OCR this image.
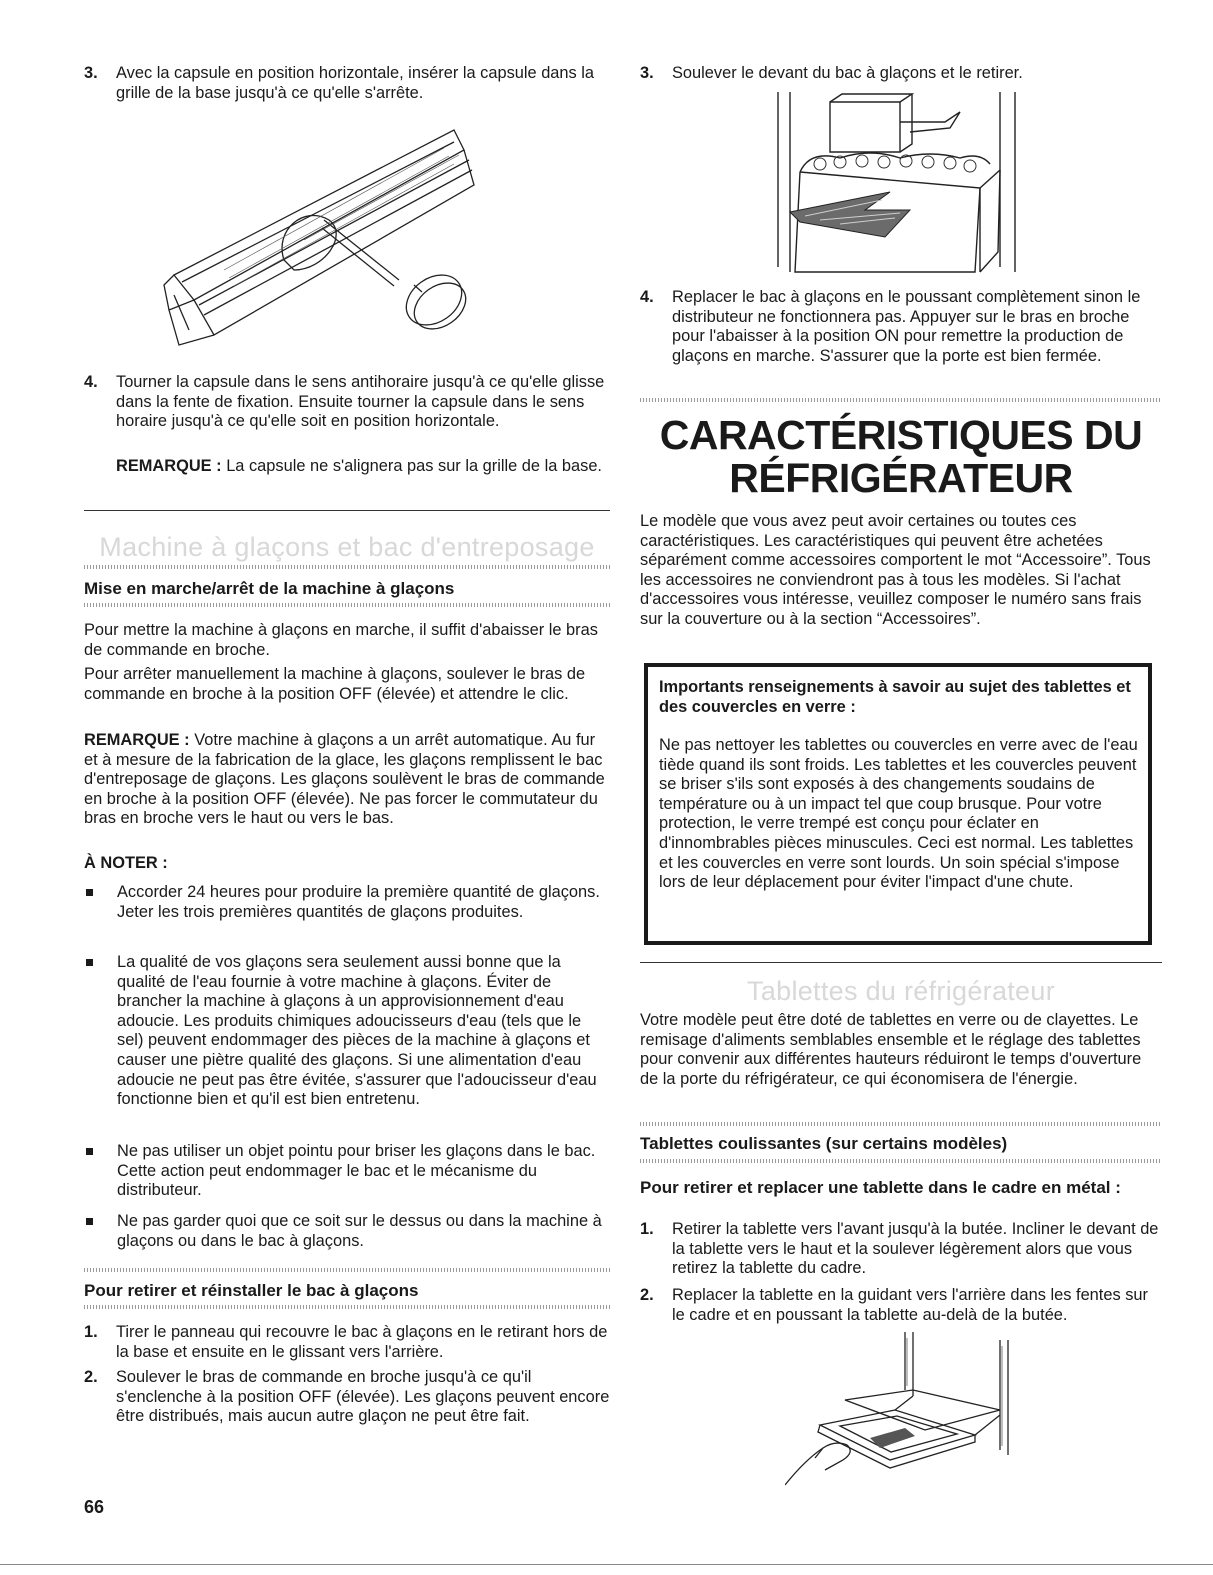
3. Avec la capsule en position horizontale, insérer la capsule dans la grille de la base jusqu'à ce qu'elle s'arrête.

4. Tourner la capsule dans le sens antihoraire jusqu'à ce qu'elle glisse dans la fente de fixation. Ensuite tourner la capsule dans le sens horaire jusqu'à ce qu'elle soit en position horizontale.

REMARQUE : La capsule ne s'alignera pas sur la grille de la base.

Machine à glaçons et bac d'entreposage
Mise en marche/arrêt de la machine à glaçons

Pour mettre la machine à glaçons en marche, il suffit d'abaisser le bras de commande en broche.

Pour arrêter manuellement la machine à glaçons, soulever le bras de commande en broche à la position OFF (élevée) et attendre le clic.

REMARQUE : Votre machine à glaçons a un arrêt automatique. Au fur et à mesure de la fabrication de la glace, les glaçons remplissent le bac d'entreposage de glaçons. Les glaçons soulèvent le bras de commande en broche à la position OFF (élevée). Ne pas forcer le commutateur du bras en broche vers le haut ou vers le bas.

À NOTER :

Accorder 24 heures pour produire la première quantité de glaçons. Jeter les trois premières quantités de glaçons produites.

La qualité de vos glaçons sera seulement aussi bonne que la qualité de l'eau fournie à votre machine à glaçons. Éviter de brancher la machine à glaçons à un approvisionnement d'eau adoucie. Les produits chimiques adoucisseurs d'eau (tels que le sel) peuvent endommager des pièces de la machine à glaçons et causer une piètre qualité des glaçons. Si une alimentation d'eau adoucie ne peut pas être évitée, s'assurer que l'adoucisseur d'eau fonctionne bien et qu'il est bien entretenu.

Ne pas utiliser un objet pointu pour briser les glaçons dans le bac. Cette action peut endommager le bac et le mécanisme du distributeur.

Ne pas garder quoi que ce soit sur le dessus ou dans la machine à glaçons ou dans le bac à glaçons.

Pour retirer et réinstaller le bac à glaçons
1. Tirer le panneau qui recouvre le bac à glaçons en le retirant hors de la base et ensuite en le glissant vers l'arrière.

2. Soulever le bras de commande en broche jusqu'à ce qu'il s'enclenche à la position OFF (élevée). Les glaçons peuvent encore être distribués, mais aucun autre glaçon ne peut être fait.

3. Soulever le devant du bac à glaçons et le retirer.

4. Replacer le bac à glaçons en le poussant complètement sinon le distributeur ne fonctionnera pas. Appuyer sur le bras en broche pour l'abaisser à la position ON pour remettre la production de glaçons en marche. S'assurer que la porte est bien fermée.

CARACTÉRISTIQUES DU
RÉFRIGÉRATEUR

Le modèle que vous avez peut avoir certaines ou toutes ces caractéristiques. Les caractéristiques qui peuvent être achetées séparément comme accessoires comportent le mot “Accessoire”. Tous les accessoires ne conviendront pas à tous les modèles. Si l'achat d'accessoires vous intéresse, veuillez composer le numéro sans frais sur la couverture ou à la section “Accessoires”.

Importants renseignements à savoir au sujet des tablettes et des couvercles en verre :

Ne pas nettoyer les tablettes ou couvercles en verre avec de l'eau tiède quand ils sont froids. Les tablettes et les couvercles peuvent se briser s'ils sont exposés à des changements soudains de température ou à un impact tel que coup brusque. Pour votre protection, le verre trempé est conçu pour éclater en d'innombrables pièces minuscules. Ceci est normal. Les tablettes et les couvercles en verre sont lourds. Un soin spécial s'impose lors de leur déplacement pour éviter l'impact d'une chute.

Tablettes du réfrigérateur

Votre modèle peut être doté de tablettes en verre ou de clayettes. Le remisage d'aliments semblables ensemble et le réglage des tablettes pour convenir aux différentes hauteurs réduiront le temps d'ouverture de la porte du réfrigérateur, ce qui économisera de l'énergie.

Tablettes coulissantes (sur certains modèles)

Pour retirer et replacer une tablette dans le cadre en métal :

1. Retirer la tablette vers l'avant jusqu'à la butée. Incliner le devant de la tablette vers le haut et la soulever légèrement alors que vous retirez la tablette du cadre.

2. Replacer la tablette en la guidant vers l'arrière dans les fentes sur le cadre et en poussant la tablette au-delà de la butée.

66
